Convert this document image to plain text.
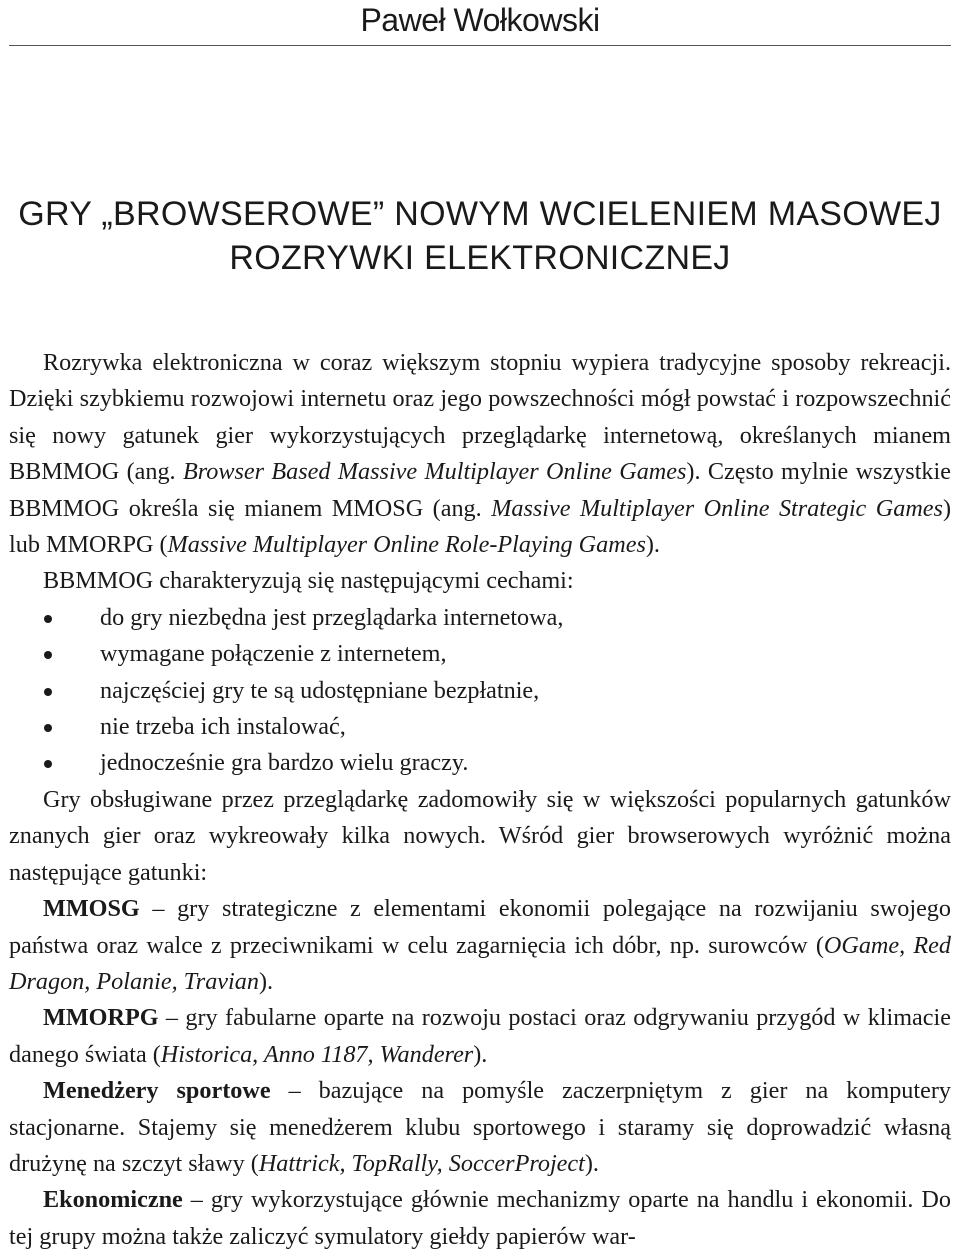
Paweł Wołkowski
GRY „BROWSEROWE” NOWYM WCIELENIEM MASOWEJ
ROZRYWKI ELEKTRONICZNEJ

Rozrywka elektroniczna w coraz większym stopniu wypiera tradycyjne sposoby rekreacji. Dzięki szybkiemu rozwojowi internetu oraz jego powszechności mógł powstać i rozpowszechnić się nowy gatunek gier wykorzystujących przeglądarkę internetową, określanych mianem BBMMOG (ang. Browser Based Massive Multiplayer Online Games). Często mylnie wszystkie BBMMOG określa się mianem MMOSG (ang. Massive Multiplayer Online Strategic Games) lub MMORPG (Massive Multiplayer Online Role-Playing Games).

BBMMOG charakteryzują się następującymi cechami:

do gry niezbędna jest przeglądarka internetowa,
wymagane połączenie z internetem,
najczęściej gry te są udostępniane bezpłatnie,
nie trzeba ich instalować,
jednocześnie gra bardzo wielu graczy.

Gry obsługiwane przez przeglądarkę zadomowiły się w większości popularnych gatunków znanych gier oraz wykreowały kilka nowych. Wśród gier browserowych wyróżnić można następujące gatunki:

MMOSG – gry strategiczne z elementami ekonomii polegające na rozwijaniu swojego państwa oraz walce z przeciwnikami w celu zagarnięcia ich dóbr, np. surowców (OGame, Red Dragon, Polanie, Travian).

MMORPG – gry fabularne oparte na rozwoju postaci oraz odgrywaniu przygód w klimacie danego świata (Historica, Anno 1187, Wanderer).

Menedżery sportowe – bazujące na pomyśle zaczerpniętym z gier na komputery stacjonarne. Stajemy się menedżerem klubu sportowego i staramy się doprowadzić własną drużynę na szczyt sławy (Hattrick, TopRally, SoccerProject).

Ekonomiczne – gry wykorzystujące głównie mechanizmy oparte na handlu i ekonomii. Do tej grupy można także zaliczyć symulatory giełdy papierów war-
